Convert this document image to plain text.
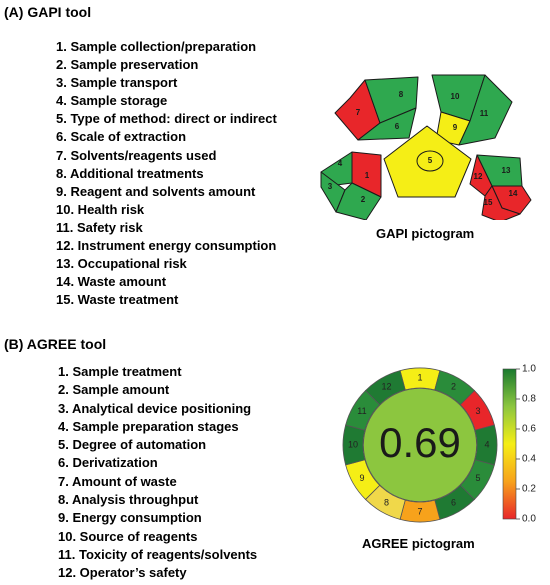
(A) GAPI tool
1. Sample collection/preparation
2. Sample preservation
3. Sample transport
4. Sample storage
5. Type of method: direct or indirect
6. Scale of extraction
7. Solvents/reagents used
8. Additional treatments
9. Reagent and solvents amount
10. Health risk
11. Safety risk
12. Instrument energy consumption
13. Occupational risk
14. Waste amount
15. Waste treatment
7
8
6
10
9
11
5
4
1
3
2
13
12
14
15
GAPI pictogram
(B) AGREE tool
1. Sample treatment
2. Sample amount
3. Analytical device positioning
4. Sample preparation stages
5. Degree of automation
6. Derivatization
7. Amount of waste
8. Analysis throughput
9. Energy consumption
10. Source of reagents
11. Toxicity of reagents/solvents
12. Operator’s safety
1
2
3
4
5
6
7
8
9
10
11
12
0.69
AGREE pictogram
1.0
0.8
0.6
0.4
0.2
0.0
